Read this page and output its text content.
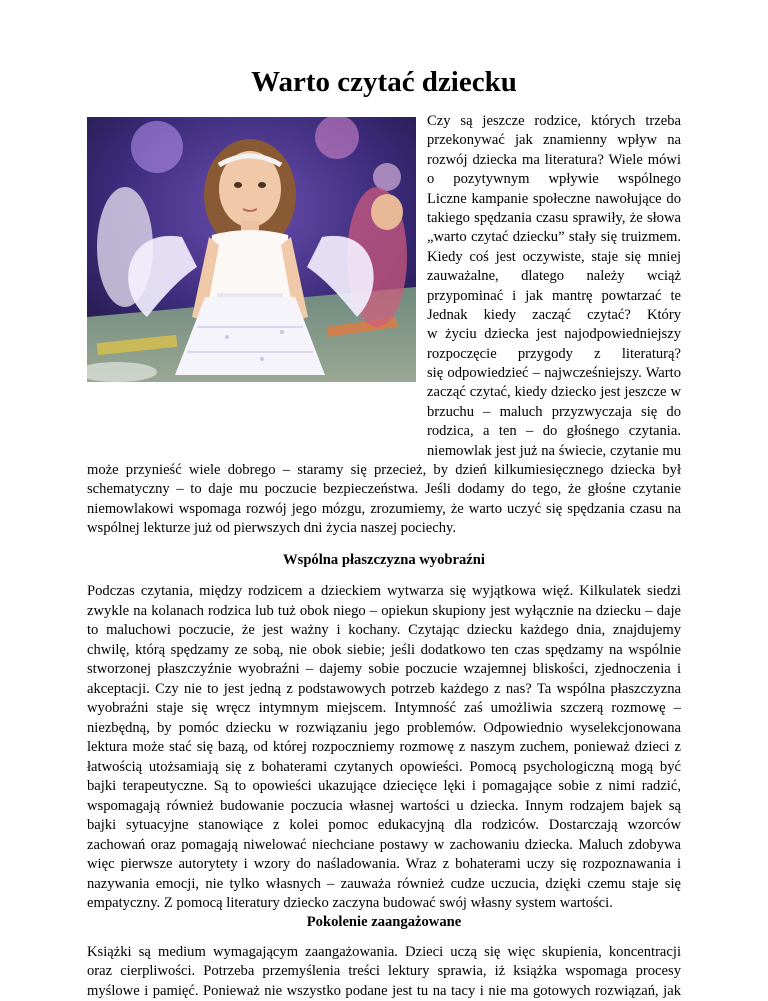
Warto czytać dziecku
Czy są jeszcze rodzice, których trzeba
przekonywać jak znamienny wpływ na
rozwój dziecka ma literatura? Wiele mówi
o pozytywnym wpływie wspólnego
Liczne kampanie społeczne nawołujące do
takiego spędzania czasu sprawiły, że słowa
„warto czytać dziecku” stały się truizmem.
Kiedy coś jest oczywiste, staje się mniej
zauważalne, dlatego należy wciąż
przypominać i jak mantrę powtarzać te
Jednak kiedy zacząć czytać? Który
w życiu dziecka jest najodpowiedniejszy
rozpoczęcie przygody z literaturą?
się odpowiedzieć – najwcześniejszy. Warto
zacząć czytać, kiedy dziecko jest jeszcze w
brzuchu – maluch przyzwyczaja się do
rodzica, a ten – do głośnego czytania.
niemowlak jest już na świecie, czytanie mu
może przynieść wiele dobrego – staramy się przecież, by dzień kilkumiesięcznego dziecka był
schematyczny – to daje mu poczucie bezpieczeństwa. Jeśli dodamy do tego, że głośne czytanie
niemowlakowi wspomaga rozwój jego mózgu, zrozumiemy, że warto uczyć się spędzania czasu na
wspólnej lekturze już od pierwszych dni życia naszej pociechy.
Wspólna płaszczyzna wyobraźni
Podczas czytania, między rodzicem a dzieckiem wytwarza się wyjątkowa więź. Kilkulatek siedzi
zwykle na kolanach rodzica lub tuż obok niego – opiekun skupiony jest wyłącznie na dziecku – daje
to maluchowi poczucie, że jest ważny i kochany. Czytając dziecku każdego dnia, znajdujemy
chwilę, którą spędzamy ze sobą, nie obok siebie; jeśli dodatkowo ten czas spędzamy na wspólnie
stworzonej płaszczyźnie wyobraźni – dajemy sobie poczucie wzajemnej bliskości, zjednoczenia i
akceptacji. Czy nie to jest jedną z podstawowych potrzeb każdego z nas? Ta wspólna płaszczyzna
wyobraźni staje się wręcz intymnym miejscem. Intymność zaś umożliwia szczerą rozmowę –
niezbędną, by pomóc dziecku w rozwiązaniu jego problemów. Odpowiednio wyselekcjonowana
lektura może stać się bazą, od której rozpoczniemy rozmowę z naszym zuchem, ponieważ dzieci z
łatwością utożsamiają się z bohaterami czytanych opowieści. Pomocą psychologiczną mogą być
bajki terapeutyczne. Są to opowieści ukazujące dziecięce lęki i pomagające sobie z nimi radzić,
wspomagają również budowanie poczucia własnej wartości u dziecka. Innym rodzajem bajek są
bajki sytuacyjne stanowiące z kolei pomoc edukacyjną dla rodziców. Dostarczają wzorców
zachowań oraz pomagają niwelować niechciane postawy w zachowaniu dziecka. Maluch zdobywa
więc pierwsze autorytety i wzory do naśladowania. Wraz z bohaterami uczy się rozpoznawania i
nazywania emocji, nie tylko własnych – zauważa również cudze uczucia, dzięki czemu staje się
empatyczny. Z pomocą literatury dziecko zaczyna budować swój własny system wartości.
Pokolenie zaangażowane
Książki są medium wymagającym zaangażowania. Dzieci uczą się więc skupienia, koncentracji
oraz cierpliwości. Potrzeba przemyślenia treści lektury sprawia, iż książka wspomaga procesy
myślowe i pamięć. Ponieważ nie wszystko podane jest tu na tacy i nie ma gotowych rozwiązań, jak
